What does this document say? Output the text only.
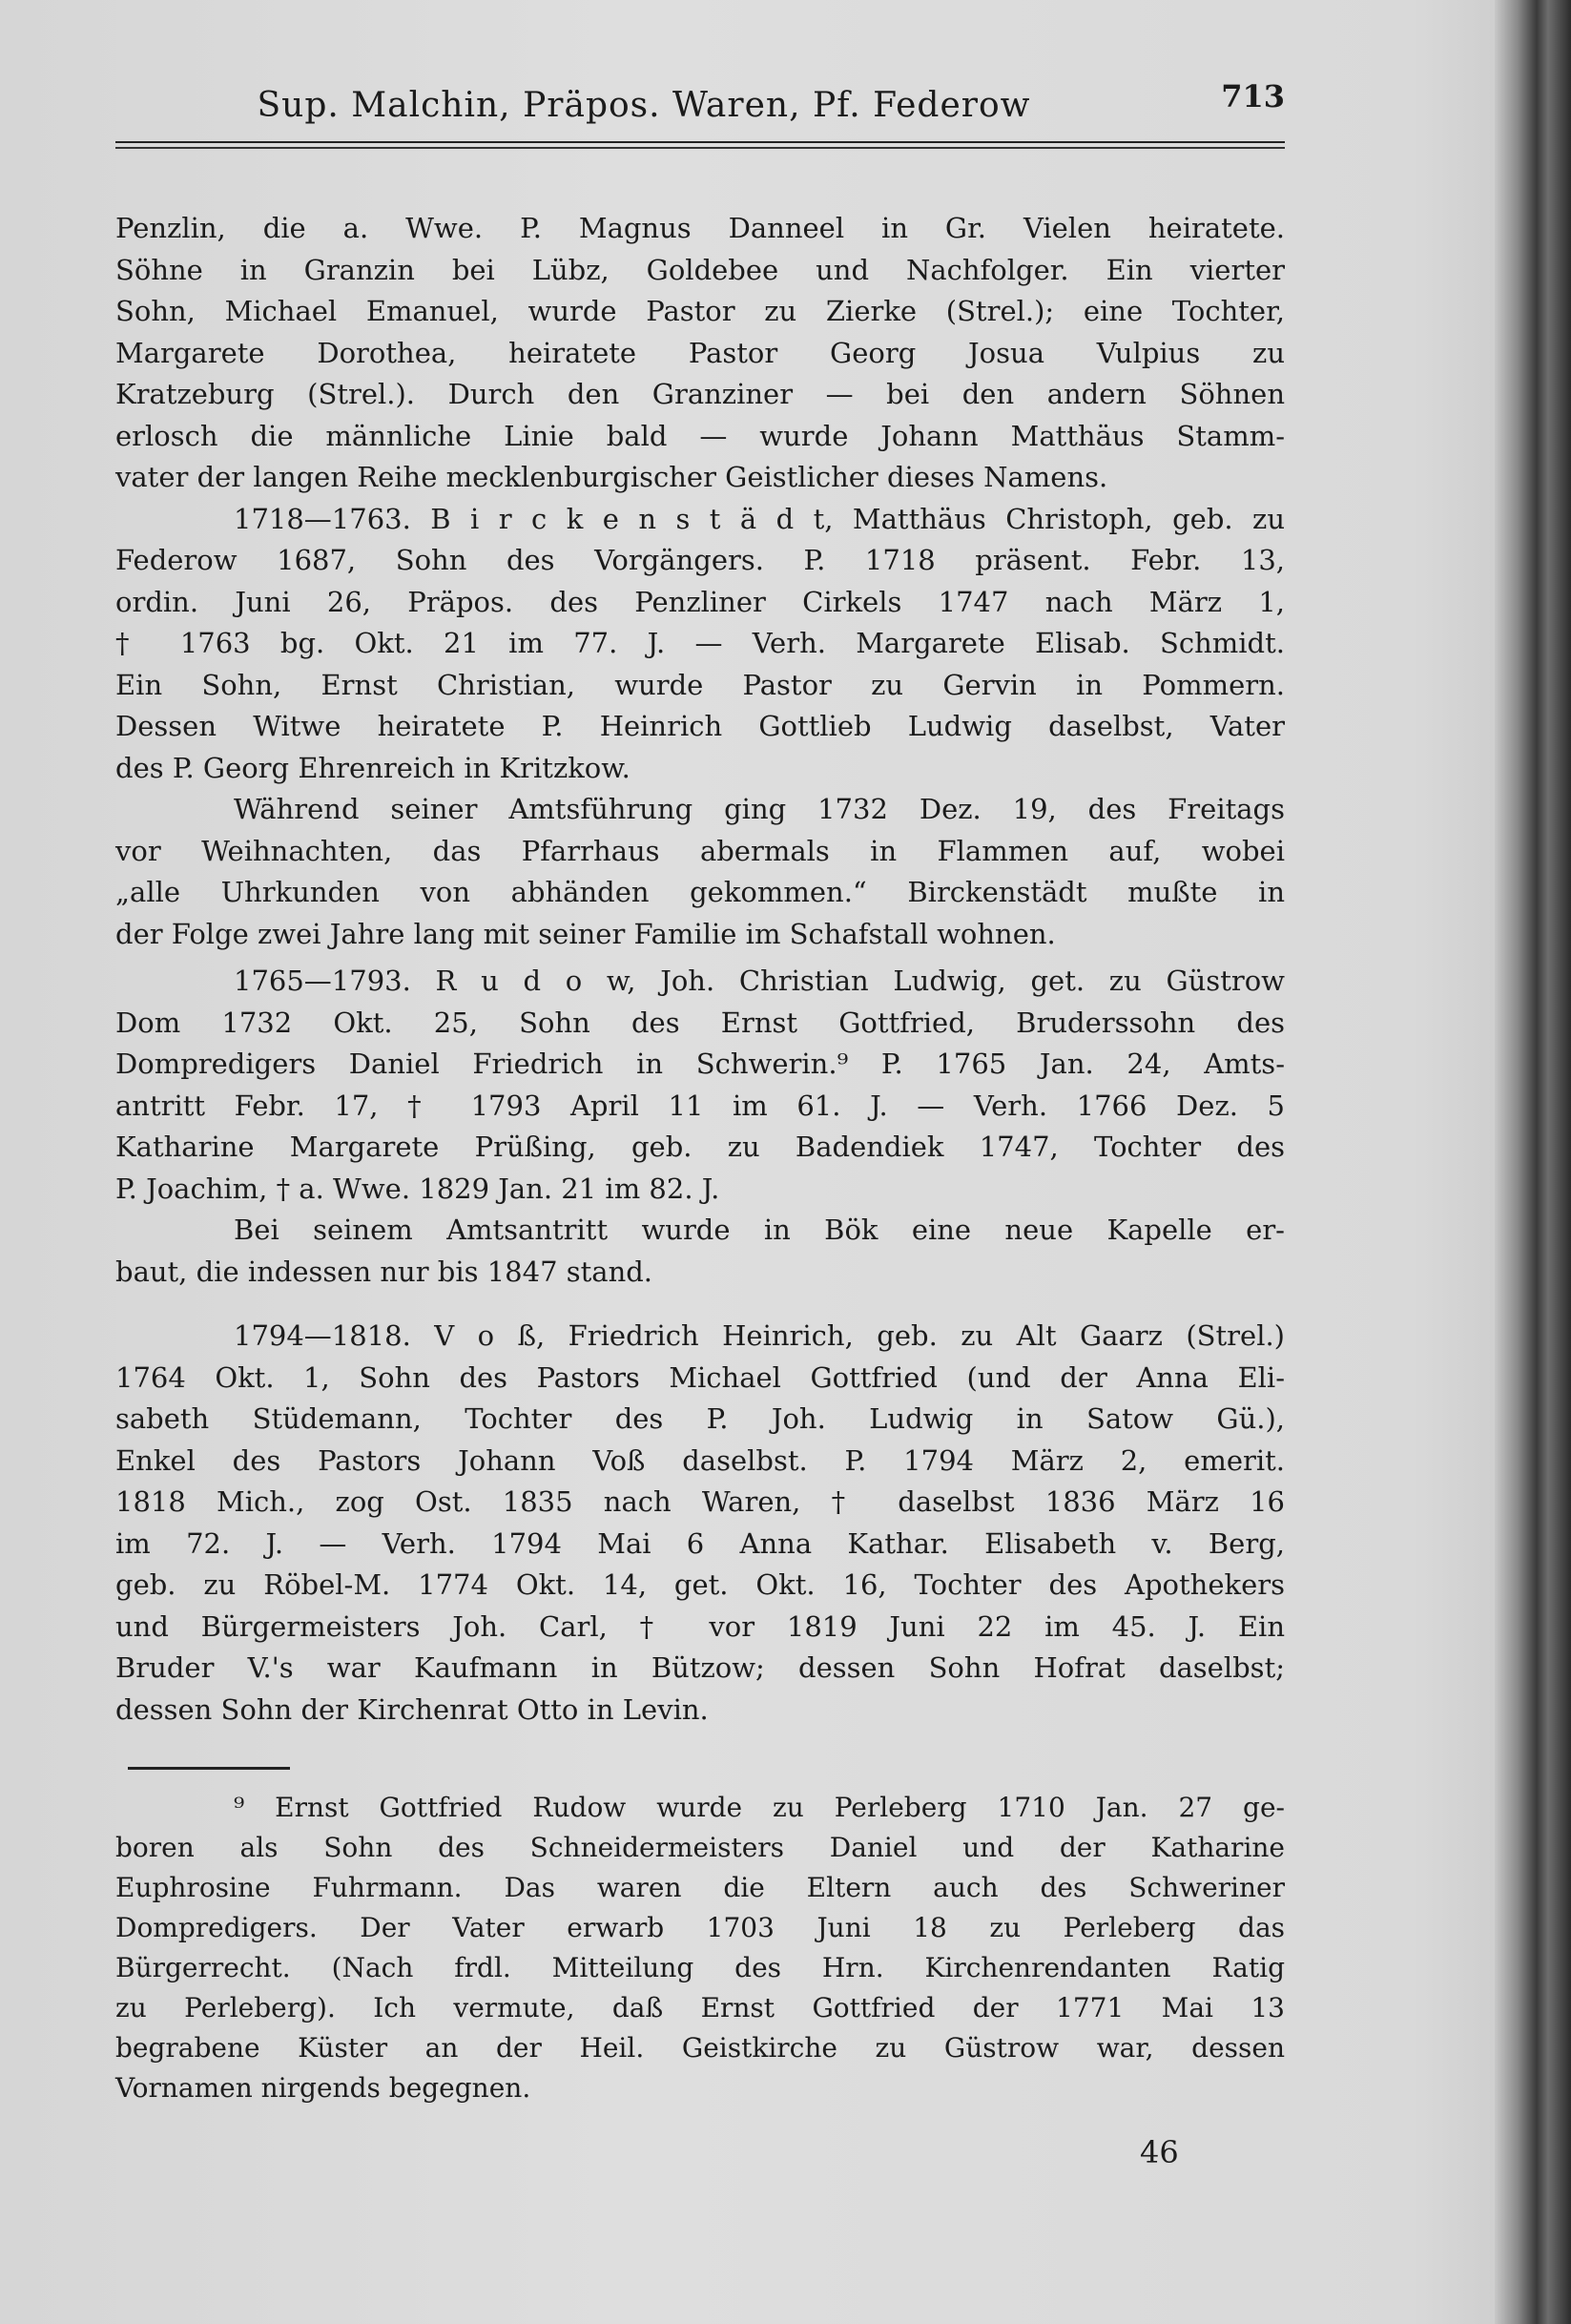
Sup. Malchin, Präpos. Waren, Pf. Federow	713
Penzlin, die a. Wwe. P. Magnus Danneel in Gr. Vielen heiratete.
Söhne in Granzin bei Lübz, Goldebee und Nachfolger. Ein vierter
Sohn, Michael Emanuel, wurde Pastor zu Zierke (Strel.); eine Tochter,
Margarete Dorothea, heiratete Pastor Georg Josua Vulpius zu
Kratzeburg (Strel.). Durch den Granziner — bei den andern Söhnen
erlosch die männliche Linie bald — wurde Johann Matthäus Stamm-
vater der langen Reihe mecklenburgischer Geistlicher dieses Namens.
1718—1763. B i r c k e n s t ä d t, Matthäus Christoph, geb. zu
Federow 1687, Sohn des Vorgängers. P. 1718 präsent. Febr. 13,
ordin. Juni 26, Präpos. des Penzliner Cirkels 1747 nach März 1,
† 1763 bg. Okt. 21 im 77. J. — Verh. Margarete Elisab. Schmidt.
Ein Sohn, Ernst Christian, wurde Pastor zu Gervin in Pommern.
Dessen Witwe heiratete P. Heinrich Gottlieb Ludwig daselbst, Vater
des P. Georg Ehrenreich in Kritzkow.
Während seiner Amtsführung ging 1732 Dez. 19, des Freitags
vor Weihnachten, das Pfarrhaus abermals in Flammen auf, wobei
„alle Uhrkunden von abhänden gekommen.“ Birckenstädt mußte in
der Folge zwei Jahre lang mit seiner Familie im Schafstall wohnen.
1765—1793. R u d o w, Joh. Christian Ludwig, get. zu Güstrow
Dom 1732 Okt. 25, Sohn des Ernst Gottfried, Bruderssohn des
Dompredigers Daniel Friedrich in Schwerin.⁹ P. 1765 Jan. 24, Amts-
antritt Febr. 17, † 1793 April 11 im 61. J. — Verh. 1766 Dez. 5
Katharine Margarete Prüßing, geb. zu Badendiek 1747, Tochter des
P. Joachim, † a. Wwe. 1829 Jan. 21 im 82. J.
Bei seinem Amtsantritt wurde in Bök eine neue Kapelle er-
baut, die indessen nur bis 1847 stand.
1794—1818. V o ß, Friedrich Heinrich, geb. zu Alt Gaarz (Strel.)
1764 Okt. 1, Sohn des Pastors Michael Gottfried (und der Anna Eli-
sabeth Stüdemann, Tochter des P. Joh. Ludwig in Satow Gü.),
Enkel des Pastors Johann Voß daselbst. P. 1794 März 2, emerit.
1818 Mich., zog Ost. 1835 nach Waren, † daselbst 1836 März 16
im 72. J. — Verh. 1794 Mai 6 Anna Kathar. Elisabeth v. Berg,
geb. zu Röbel-M. 1774 Okt. 14, get. Okt. 16, Tochter des Apothekers
und Bürgermeisters Joh. Carl, † vor 1819 Juni 22 im 45. J. Ein
Bruder V.'s war Kaufmann in Bützow; dessen Sohn Hofrat daselbst;
dessen Sohn der Kirchenrat Otto in Levin.
⁹ Ernst Gottfried Rudow wurde zu Perleberg 1710 Jan. 27 ge-
boren als Sohn des Schneidermeisters Daniel und der Katharine
Euphrosine Fuhrmann. Das waren die Eltern auch des Schweriner
Dompredigers. Der Vater erwarb 1703 Juni 18 zu Perleberg das
Bürgerrecht. (Nach frdl. Mitteilung des Hrn. Kirchenrendanten Ratig
zu Perleberg). Ich vermute, daß Ernst Gottfried der 1771 Mai 13
begrabene Küster an der Heil. Geistkirche zu Güstrow war, dessen
Vornamen nirgends begegnen.
46
